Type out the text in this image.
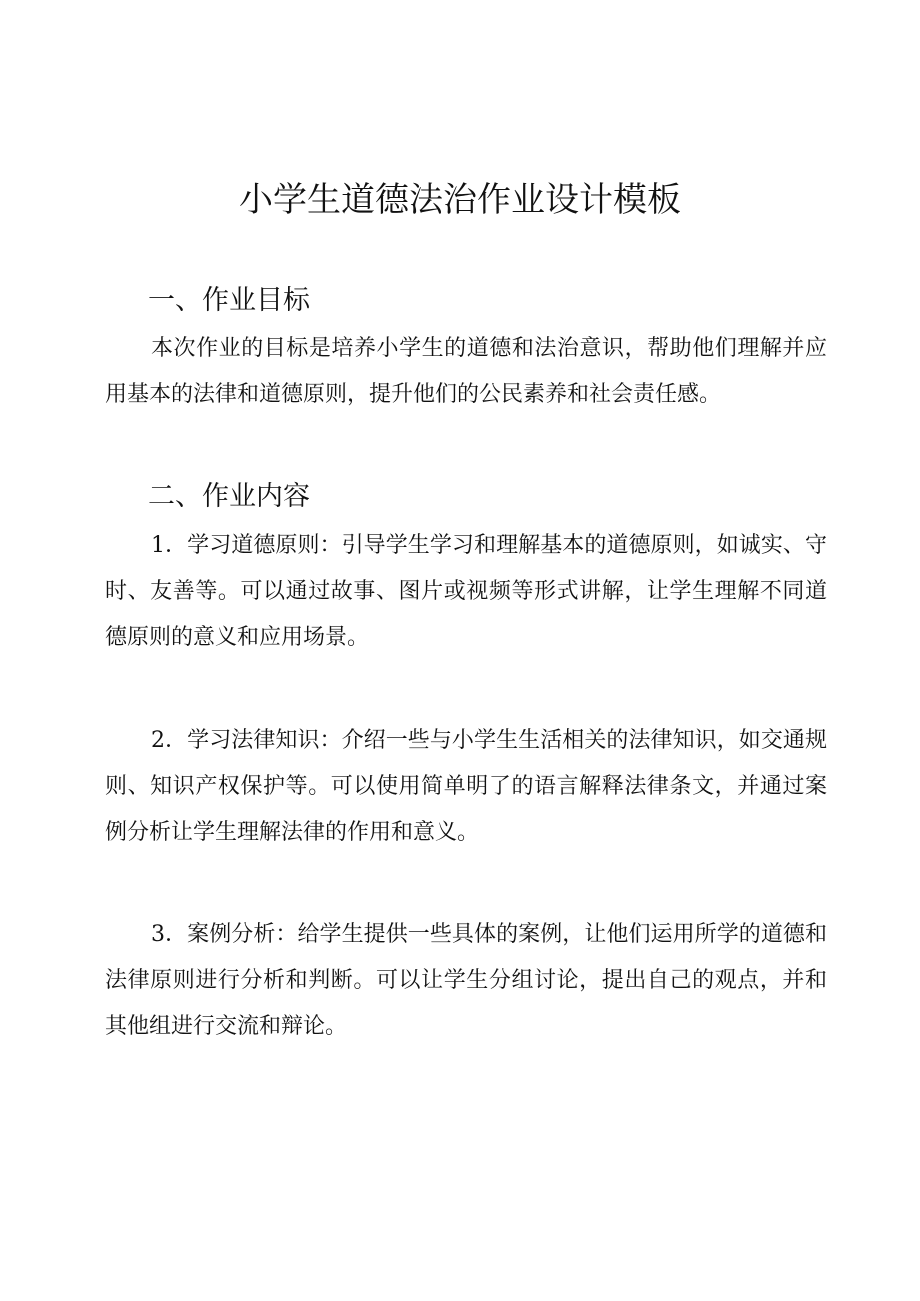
小学生道德法治作业设计模板
一、作业目标

本次作业的目标是培养小学生的道德和法治意识，帮助他们理解并应用基本的法律和道德原则，提升他们的公民素养和社会责任感。

二、作业内容

1．学习道德原则：引导学生学习和理解基本的道德原则，如诚实、守时、友善等。可以通过故事、图片或视频等形式讲解，让学生理解不同道德原则的意义和应用场景。

2．学习法律知识：介绍一些与小学生生活相关的法律知识，如交通规则、知识产权保护等。可以使用简单明了的语言解释法律条文，并通过案例分析让学生理解法律的作用和意义。

3．案例分析：给学生提供一些具体的案例，让他们运用所学的道德和法律原则进行分析和判断。可以让学生分组讨论，提出自己的观点，并和其他组进行交流和辩论。
